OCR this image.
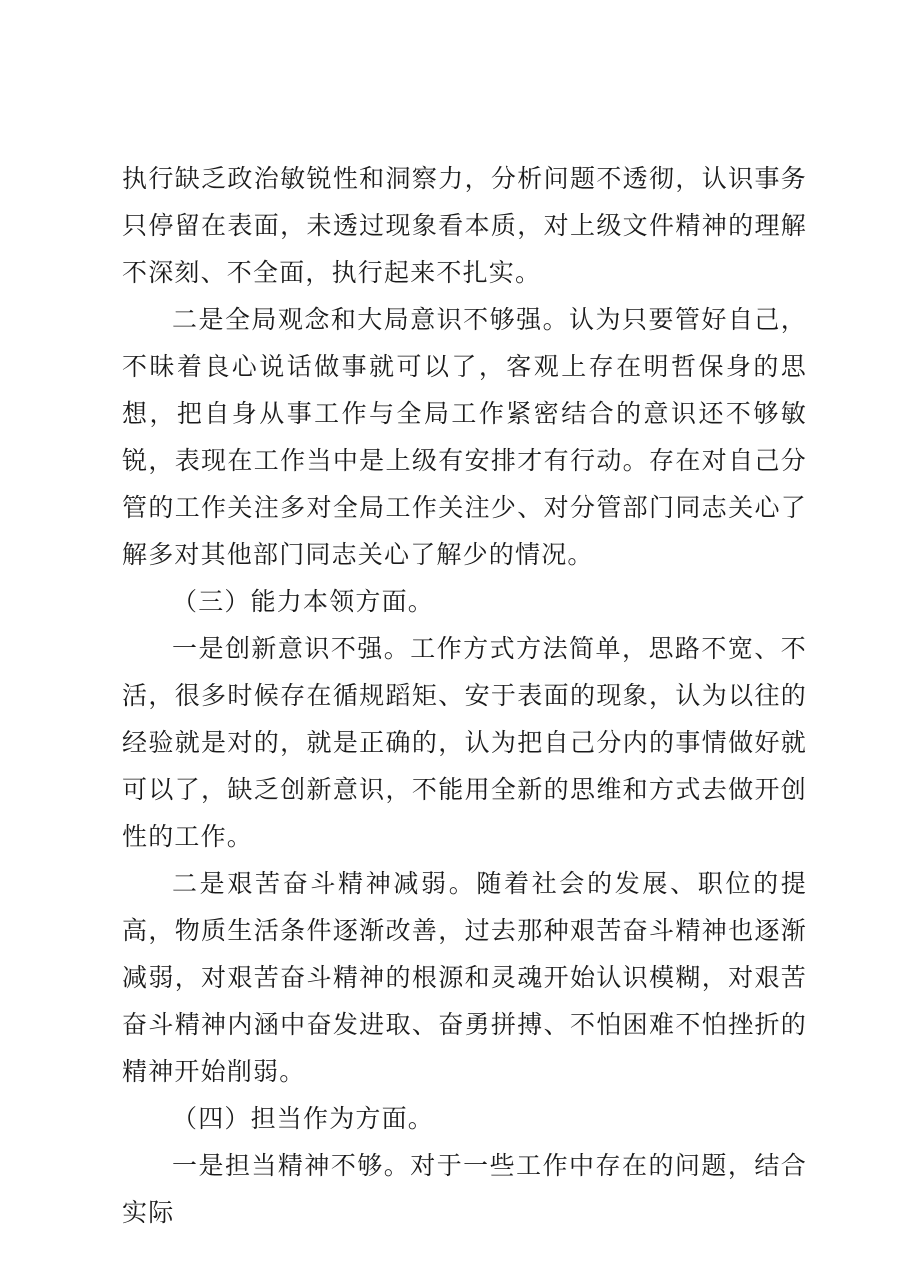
执行缺乏政治敏锐性和洞察力，分析问题不透彻，认识事务只停留在表面，未透过现象看本质，对上级文件精神的理解不深刻、不全面，执行起来不扎实。

二是全局观念和大局意识不够强。认为只要管好自己，不昧着良心说话做事就可以了，客观上存在明哲保身的思想，把自身从事工作与全局工作紧密结合的意识还不够敏锐，表现在工作当中是上级有安排才有行动。存在对自己分管的工作关注多对全局工作关注少、对分管部门同志关心了解多对其他部门同志关心了解少的情况。

（三）能力本领方面。

一是创新意识不强。工作方式方法简单，思路不宽、不活，很多时候存在循规蹈矩、安于表面的现象，认为以往的经验就是对的，就是正确的，认为把自己分内的事情做好就可以了，缺乏创新意识，不能用全新的思维和方式去做开创性的工作。

二是艰苦奋斗精神减弱。随着社会的发展、职位的提高，物质生活条件逐渐改善，过去那种艰苦奋斗精神也逐渐减弱，对艰苦奋斗精神的根源和灵魂开始认识模糊，对艰苦奋斗精神内涵中奋发进取、奋勇拼搏、不怕困难不怕挫折的精神开始削弱。

（四）担当作为方面。

一是担当精神不够。对于一些工作中存在的问题，结合实际
